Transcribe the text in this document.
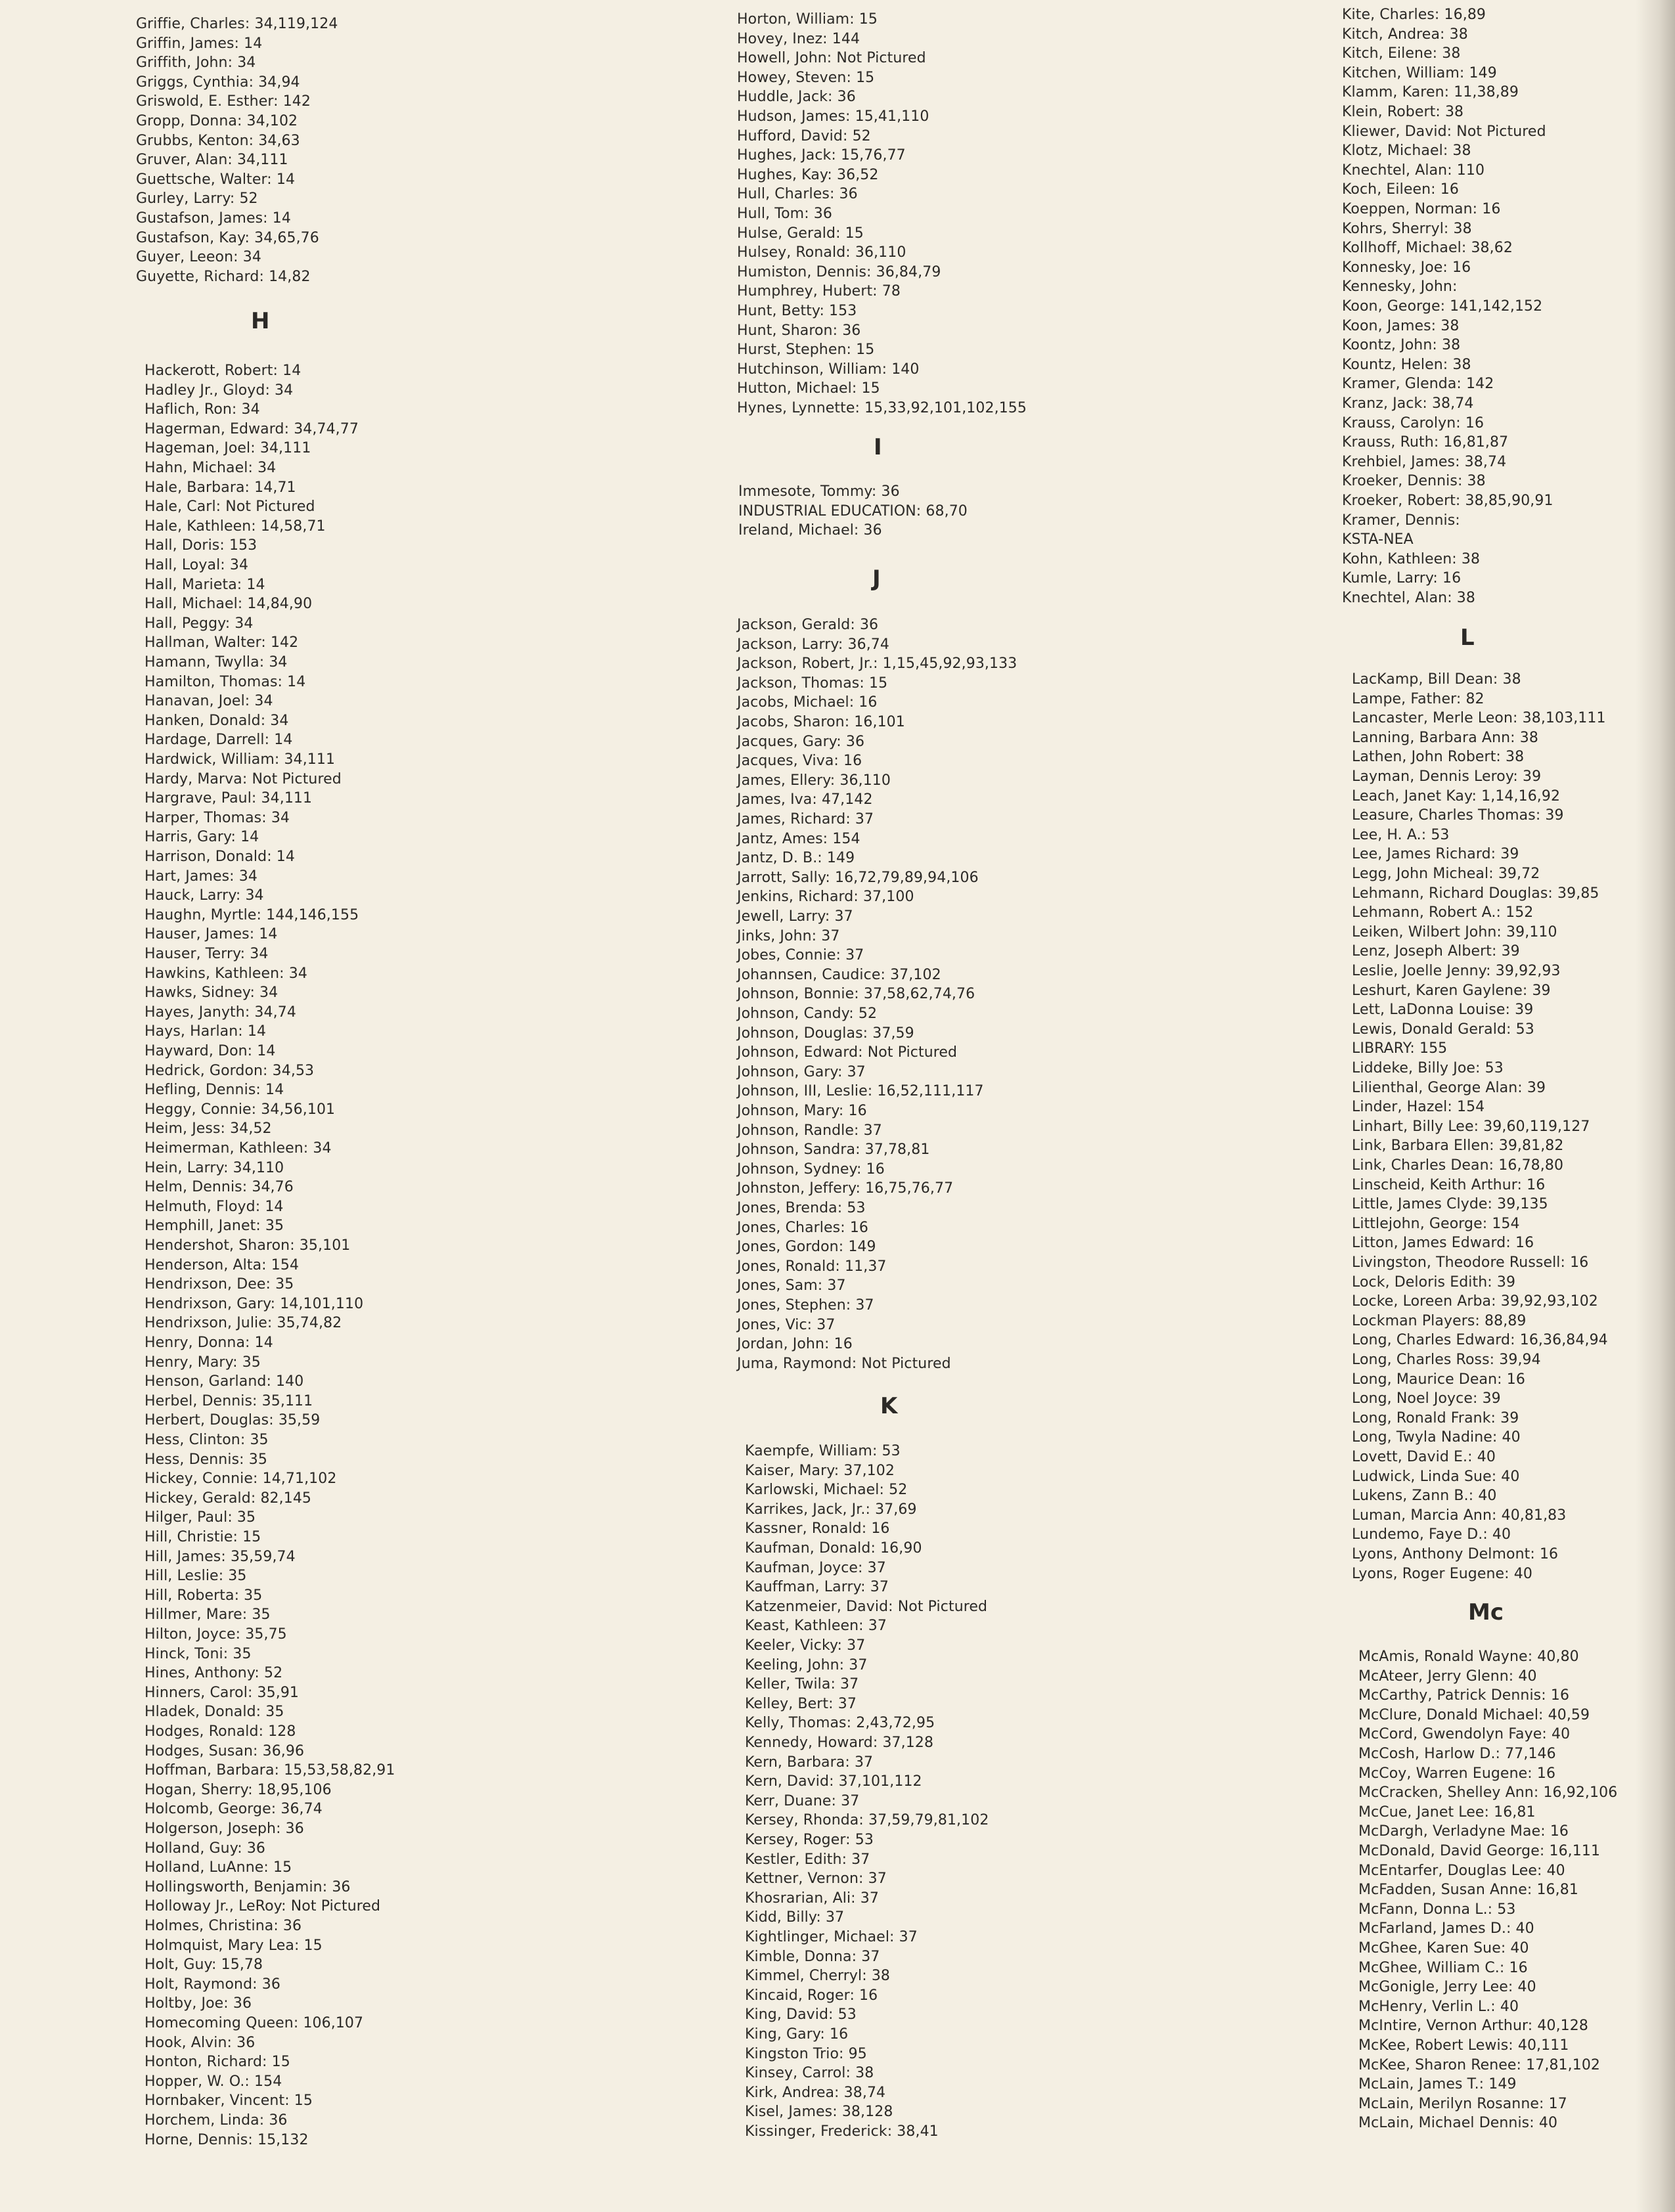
Griffie, Charles: 34,119,124
Griffin, James: 14
Griffith, John: 34
Griggs, Cynthia: 34,94
Griswold, E. Esther: 142
Gropp, Donna: 34,102
Grubbs, Kenton: 34,63
Gruver, Alan: 34,111
Guettsche, Walter: 14
Gurley, Larry: 52
Gustafson, James: 14
Gustafson, Kay: 34,65,76
Guyer, Leeon: 34
Guyette, Richard: 14,82
H
Hackerott, Robert: 14
Hadley Jr., Gloyd: 34
Haflich, Ron: 34
Hagerman, Edward: 34,74,77
Hageman, Joel: 34,111
Hahn, Michael: 34
Hale, Barbara: 14,71
Hale, Carl: Not Pictured
Hale, Kathleen: 14,58,71
Hall, Doris: 153
Hall, Loyal: 34
Hall, Marieta: 14
Hall, Michael: 14,84,90
Hall, Peggy: 34
Hallman, Walter: 142
Hamann, Twylla: 34
Hamilton, Thomas: 14
Hanavan, Joel: 34
Hanken, Donald: 34
Hardage, Darrell: 14
Hardwick, William: 34,111
Hardy, Marva: Not Pictured
Hargrave, Paul: 34,111
Harper, Thomas: 34
Harris, Gary: 14
Harrison, Donald: 14
Hart, James: 34
Hauck, Larry: 34
Haughn, Myrtle: 144,146,155
Hauser, James: 14
Hauser, Terry: 34
Hawkins, Kathleen: 34
Hawks, Sidney: 34
Hayes, Janyth: 34,74
Hays, Harlan: 14
Hayward, Don: 14
Hedrick, Gordon: 34,53
Hefling, Dennis: 14
Heggy, Connie: 34,56,101
Heim, Jess: 34,52
Heimerman, Kathleen: 34
Hein, Larry: 34,110
Helm, Dennis: 34,76
Helmuth, Floyd: 14
Hemphill, Janet: 35
Hendershot, Sharon: 35,101
Henderson, Alta: 154
Hendrixson, Dee: 35
Hendrixson, Gary: 14,101,110
Hendrixson, Julie: 35,74,82
Henry, Donna: 14
Henry, Mary: 35
Henson, Garland: 140
Herbel, Dennis: 35,111
Herbert, Douglas: 35,59
Hess, Clinton: 35
Hess, Dennis: 35
Hickey, Connie: 14,71,102
Hickey, Gerald: 82,145
Hilger, Paul: 35
Hill, Christie: 15
Hill, James: 35,59,74
Hill, Leslie: 35
Hill, Roberta: 35
Hillmer, Mare: 35
Hilton, Joyce: 35,75
Hinck, Toni: 35
Hines, Anthony: 52
Hinners, Carol: 35,91
Hladek, Donald: 35
Hodges, Ronald: 128
Hodges, Susan: 36,96
Hoffman, Barbara: 15,53,58,82,91
Hogan, Sherry: 18,95,106
Holcomb, George: 36,74
Holgerson, Joseph: 36
Holland, Guy: 36
Holland, LuAnne: 15
Hollingsworth, Benjamin: 36
Holloway Jr., LeRoy: Not Pictured
Holmes, Christina: 36
Holmquist, Mary Lea: 15
Holt, Guy: 15,78
Holt, Raymond: 36
Holtby, Joe: 36
Homecoming Queen: 106,107
Hook, Alvin: 36
Honton, Richard: 15
Hopper, W. O.: 154
Hornbaker, Vincent: 15
Horchem, Linda: 36
Horne, Dennis: 15,132
Horton, William: 15
Hovey, Inez: 144
Howell, John: Not Pictured
Howey, Steven: 15
Huddle, Jack: 36
Hudson, James: 15,41,110
Hufford, David: 52
Hughes, Jack: 15,76,77
Hughes, Kay: 36,52
Hull, Charles: 36
Hull, Tom: 36
Hulse, Gerald: 15
Hulsey, Ronald: 36,110
Humiston, Dennis: 36,84,79
Humphrey, Hubert: 78
Hunt, Betty: 153
Hunt, Sharon: 36
Hurst, Stephen: 15
Hutchinson, William: 140
Hutton, Michael: 15
Hynes, Lynnette: 15,33,92,101,102,155
I
Immesote, Tommy: 36
INDUSTRIAL EDUCATION: 68,70
Ireland, Michael: 36
J
Jackson, Gerald: 36
Jackson, Larry: 36,74
Jackson, Robert, Jr.: 1,15,45,92,93,133
Jackson, Thomas: 15
Jacobs, Michael: 16
Jacobs, Sharon: 16,101
Jacques, Gary: 36
Jacques, Viva: 16
James, Ellery: 36,110
James, Iva: 47,142
James, Richard: 37
Jantz, Ames: 154
Jantz, D. B.: 149
Jarrott, Sally: 16,72,79,89,94,106
Jenkins, Richard: 37,100
Jewell, Larry: 37
Jinks, John: 37
Jobes, Connie: 37
Johannsen, Caudice: 37,102
Johnson, Bonnie: 37,58,62,74,76
Johnson, Candy: 52
Johnson, Douglas: 37,59
Johnson, Edward: Not Pictured
Johnson, Gary: 37
Johnson, III, Leslie: 16,52,111,117
Johnson, Mary: 16
Johnson, Randle: 37
Johnson, Sandra: 37,78,81
Johnson, Sydney: 16
Johnston, Jeffery: 16,75,76,77
Jones, Brenda: 53
Jones, Charles: 16
Jones, Gordon: 149
Jones, Ronald: 11,37
Jones, Sam: 37
Jones, Stephen: 37
Jones, Vic: 37
Jordan, John: 16
Juma, Raymond: Not Pictured
K
Kaempfe, William: 53
Kaiser, Mary: 37,102
Karlowski, Michael: 52
Karrikes, Jack, Jr.: 37,69
Kassner, Ronald: 16
Kaufman, Donald: 16,90
Kaufman, Joyce: 37
Kauffman, Larry: 37
Katzenmeier, David: Not Pictured
Keast, Kathleen: 37
Keeler, Vicky: 37
Keeling, John: 37
Keller, Twila: 37
Kelley, Bert: 37
Kelly, Thomas: 2,43,72,95
Kennedy, Howard: 37,128
Kern, Barbara: 37
Kern, David: 37,101,112
Kerr, Duane: 37
Kersey, Rhonda: 37,59,79,81,102
Kersey, Roger: 53
Kestler, Edith: 37
Kettner, Vernon: 37
Khosrarian, Ali: 37
Kidd, Billy: 37
Kightlinger, Michael: 37
Kimble, Donna: 37
Kimmel, Cherryl: 38
Kincaid, Roger: 16
King, David: 53
King, Gary: 16
Kingston Trio: 95
Kinsey, Carrol: 38
Kirk, Andrea: 38,74
Kisel, James: 38,128
Kissinger, Frederick: 38,41
Kite, Charles: 16,89
Kitch, Andrea: 38
Kitch, Eilene: 38
Kitchen, William: 149
Klamm, Karen: 11,38,89
Klein, Robert: 38
Kliewer, David: Not Pictured
Klotz, Michael: 38
Knechtel, Alan: 110
Koch, Eileen: 16
Koeppen, Norman: 16
Kohrs, Sherryl: 38
Kollhoff, Michael: 38,62
Konnesky, Joe: 16
Kennesky, John:
Koon, George: 141,142,152
Koon, James: 38
Koontz, John: 38
Kountz, Helen: 38
Kramer, Glenda: 142
Kranz, Jack: 38,74
Krauss, Carolyn: 16
Krauss, Ruth: 16,81,87
Krehbiel, James: 38,74
Kroeker, Dennis: 38
Kroeker, Robert: 38,85,90,91
Kramer, Dennis:
KSTA-NEA
Kohn, Kathleen: 38
Kumle, Larry: 16
Knechtel, Alan: 38
L
LacKamp, Bill Dean: 38
Lampe, Father: 82
Lancaster, Merle Leon: 38,103,111
Lanning, Barbara Ann: 38
Lathen, John Robert: 38
Layman, Dennis Leroy: 39
Leach, Janet Kay: 1,14,16,92
Leasure, Charles Thomas: 39
Lee, H. A.: 53
Lee, James Richard: 39
Legg, John Micheal: 39,72
Lehmann, Richard Douglas: 39,85
Lehmann, Robert A.: 152
Leiken, Wilbert John: 39,110
Lenz, Joseph Albert: 39
Leslie, Joelle Jenny: 39,92,93
Leshurt, Karen Gaylene: 39
Lett, LaDonna Louise: 39
Lewis, Donald Gerald: 53
LIBRARY: 155
Liddeke, Billy Joe: 53
Lilienthal, George Alan: 39
Linder, Hazel: 154
Linhart, Billy Lee: 39,60,119,127
Link, Barbara Ellen: 39,81,82
Link, Charles Dean: 16,78,80
Linscheid, Keith Arthur: 16
Little, James Clyde: 39,135
Littlejohn, George: 154
Litton, James Edward: 16
Livingston, Theodore Russell: 16
Lock, Deloris Edith: 39
Locke, Loreen Arba: 39,92,93,102
Lockman Players: 88,89
Long, Charles Edward: 16,36,84,94
Long, Charles Ross: 39,94
Long, Maurice Dean: 16
Long, Noel Joyce: 39
Long, Ronald Frank: 39
Long, Twyla Nadine: 40
Lovett, David E.: 40
Ludwick, Linda Sue: 40
Lukens, Zann B.: 40
Luman, Marcia Ann: 40,81,83
Lundemo, Faye D.: 40
Lyons, Anthony Delmont: 16
Lyons, Roger Eugene: 40
Mc
McAmis, Ronald Wayne: 40,80
McAteer, Jerry Glenn: 40
McCarthy, Patrick Dennis: 16
McClure, Donald Michael: 40,59
McCord, Gwendolyn Faye: 40
McCosh, Harlow D.: 77,146
McCoy, Warren Eugene: 16
McCracken, Shelley Ann: 16,92,106
McCue, Janet Lee: 16,81
McDargh, Verladyne Mae: 16
McDonald, David George: 16,111
McEntarfer, Douglas Lee: 40
McFadden, Susan Anne: 16,81
McFann, Donna L.: 53
McFarland, James D.: 40
McGhee, Karen Sue: 40
McGhee, William C.: 16
McGonigle, Jerry Lee: 40
McHenry, Verlin L.: 40
McIntire, Vernon Arthur: 40,128
McKee, Robert Lewis: 40,111
McKee, Sharon Renee: 17,81,102
McLain, James T.: 149
McLain, Merilyn Rosanne: 17
McLain, Michael Dennis: 40
